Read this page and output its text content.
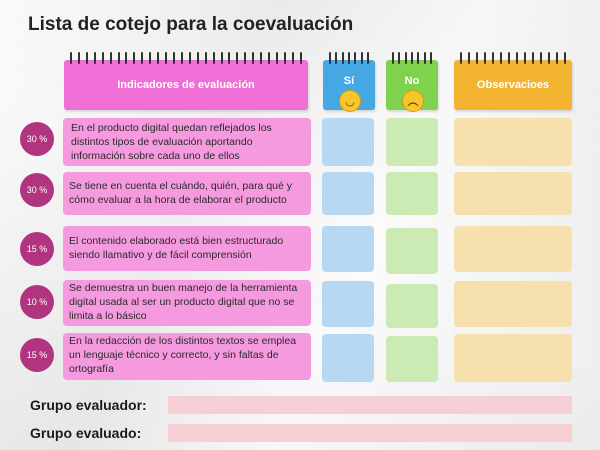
Lista de cotejo para la coevaluación
Indicadores de evaluación	Sí
◡
No
︵
Observacioes
30 %
En el producto digital quedan reflejados los distintos tipos de evaluación aportando información sobre cada uno de ellos
30 %	Se tiene en cuenta el cuándo, quién, para qué y cómo evaluar a la hora de elaborar el producto
15 %
El contenido elaborado está bien estructurado siendo llamativo y de fácil comprensión
10 %
Se demuestra un buen manejo de la herramienta digital usada al ser un producto digital que no se limita a lo básico
15 %
En la redacción de los distintos textos se emplea un lenguaje técnico y correcto, y sin faltas de ortografía
Grupo evaluador:
Grupo evaluado:
